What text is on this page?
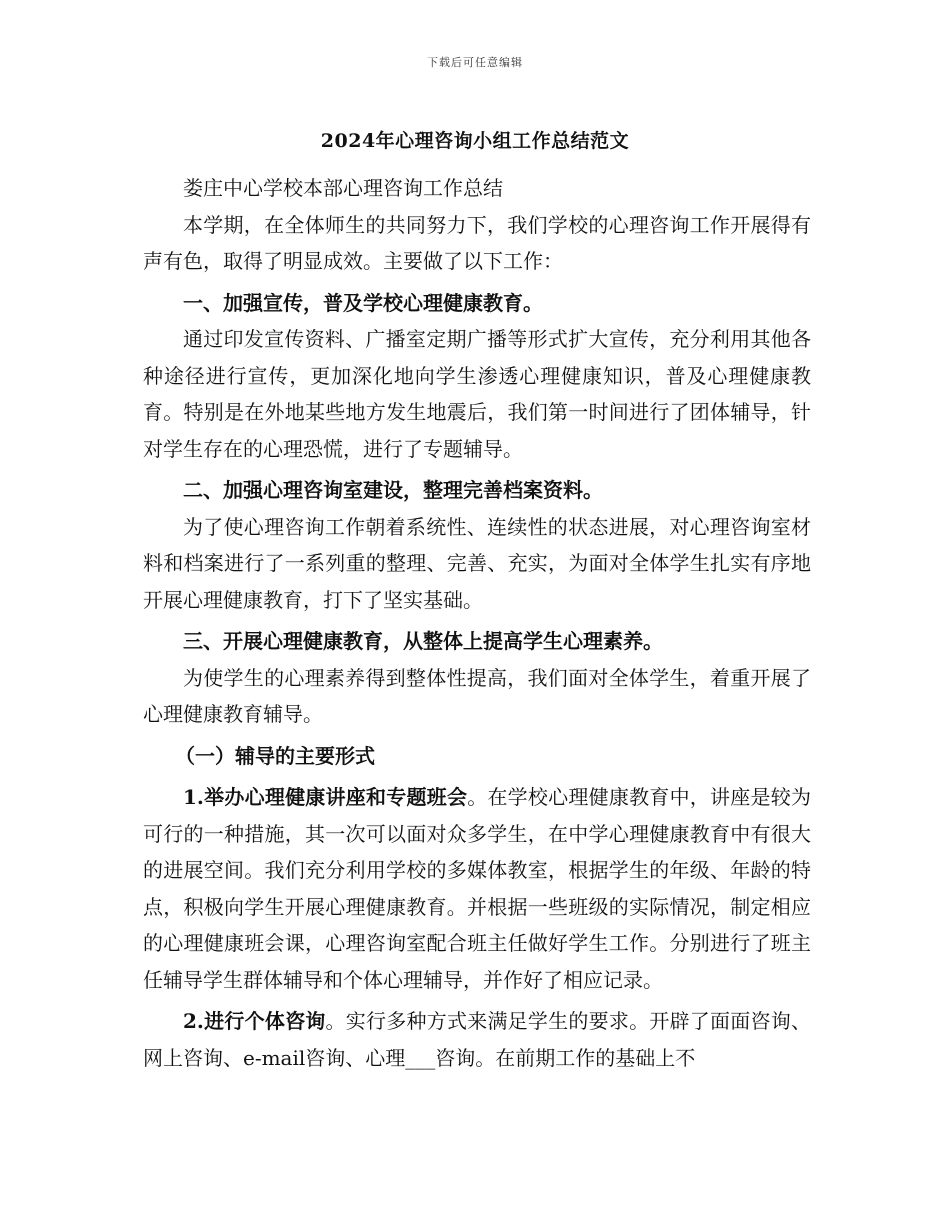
下载后可任意编辑
2024年心理咨询小组工作总结范文

娄庄中心学校本部心理咨询工作总结

本学期，在全体师生的共同努力下，我们学校的心理咨询工作开展得有声有色，取得了明显成效。主要做了以下工作：

一、加强宣传，普及学校心理健康教育。

通过印发宣传资料、广播室定期广播等形式扩大宣传，充分利用其他各种途径进行宣传，更加深化地向学生渗透心理健康知识，普及心理健康教育。特别是在外地某些地方发生地震后，我们第一时间进行了团体辅导，针对学生存在的心理恐慌，进行了专题辅导。

二、加强心理咨询室建设，整理完善档案资料。

为了使心理咨询工作朝着系统性、连续性的状态进展，对心理咨询室材料和档案进行了一系列重的整理、完善、充实，为面对全体学生扎实有序地开展心理健康教育，打下了坚实基础。

三、开展心理健康教育，从整体上提高学生心理素养。

为使学生的心理素养得到整体性提高，我们面对全体学生，着重开展了心理健康教育辅导。

（一）辅导的主要形式

1.举办心理健康讲座和专题班会。在学校心理健康教育中，讲座是较为可行的一种措施，其一次可以面对众多学生，在中学心理健康教育中有很大的进展空间。我们充分利用学校的多媒体教室，根据学生的年级、年龄的特点，积极向学生开展心理健康教育。并根据一些班级的实际情况，制定相应的心理健康班会课，心理咨询室配合班主任做好学生工作。分别进行了班主任辅导学生群体辅导和个体心理辅导，并作好了相应记录。

2.进行个体咨询。实行多种方式来满足学生的要求。开辟了面面咨询、网上咨询、e-mail咨询、心理___咨询。在前期工作的基础上不
